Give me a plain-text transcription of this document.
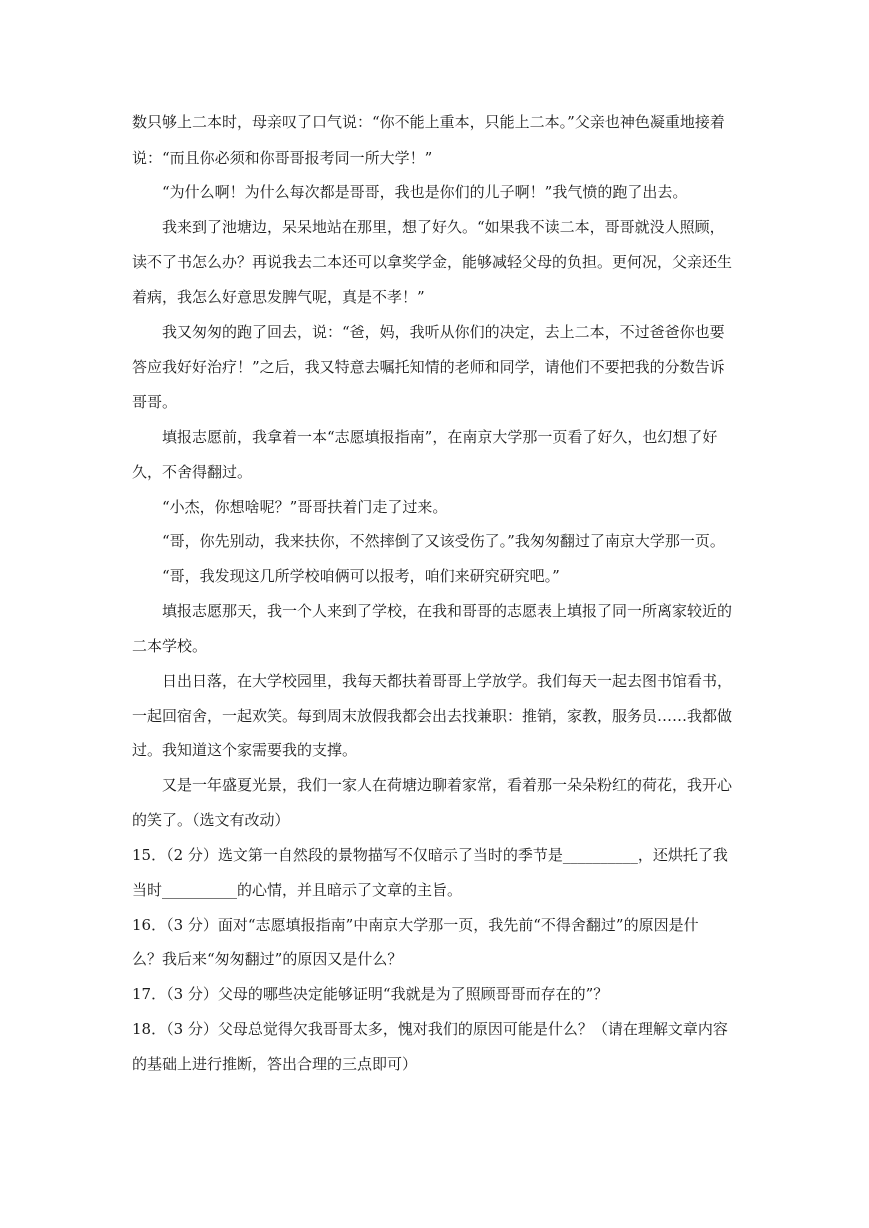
数只够上二本时，母亲叹了口气说：“你不能上重本，只能上二本。”父亲也神色凝重地接着
说：“而且你必须和你哥哥报考同一所大学！”
“为什么啊！为什么每次都是哥哥，我也是你们的儿子啊！”我气愤的跑了出去。
我来到了池塘边，呆呆地站在那里，想了好久。“如果我不读二本，哥哥就没人照顾，
读不了书怎么办？再说我去二本还可以拿奖学金，能够减轻父母的负担。更何况，父亲还生
着病，我怎么好意思发脾气呢，真是不孝！”
我又匆匆的跑了回去，说：“爸，妈，我听从你们的决定，去上二本，不过爸爸你也要
答应我好好治疗！”之后，我又特意去嘱托知情的老师和同学，请他们不要把我的分数告诉
哥哥。
填报志愿前，我拿着一本“志愿填报指南”，在南京大学那一页看了好久，也幻想了好
久，不舍得翻过。
“小杰，你想啥呢？”哥哥扶着门走了过来。
“哥，你先别动，我来扶你，不然摔倒了又该受伤了。”我匆匆翻过了南京大学那一页。
“哥，我发现这几所学校咱俩可以报考，咱们来研究研究吧。”
填报志愿那天，我一个人来到了学校，在我和哥哥的志愿表上填报了同一所离家较近的
二本学校。
日出日落，在大学校园里，我每天都扶着哥哥上学放学。我们每天一起去图书馆看书，
一起回宿舍，一起欢笑。每到周末放假我都会出去找兼职：推销，家教，服务员……我都做
过。我知道这个家需要我的支撑。
又是一年盛夏光景，我们一家人在荷塘边聊着家常，看着那一朵朵粉红的荷花，我开心
的笑了。（选文有改动）
15．（2 分）选文第一自然段的景物描写不仅暗示了当时的季节是__________，还烘托了我
当时__________的心情，并且暗示了文章的主旨。
16．（3 分）面对“志愿填报指南”中南京大学那一页，我先前“不得舍翻过”的原因是什
么？我后来“匆匆翻过”的原因又是什么？
17．（3 分）父母的哪些决定能够证明“我就是为了照顾哥哥而存在的”？
18．（3 分）父母总觉得欠我哥哥太多，愧对我们的原因可能是什么？（请在理解文章内容
的基础上进行推断，答出合理的三点即可）
